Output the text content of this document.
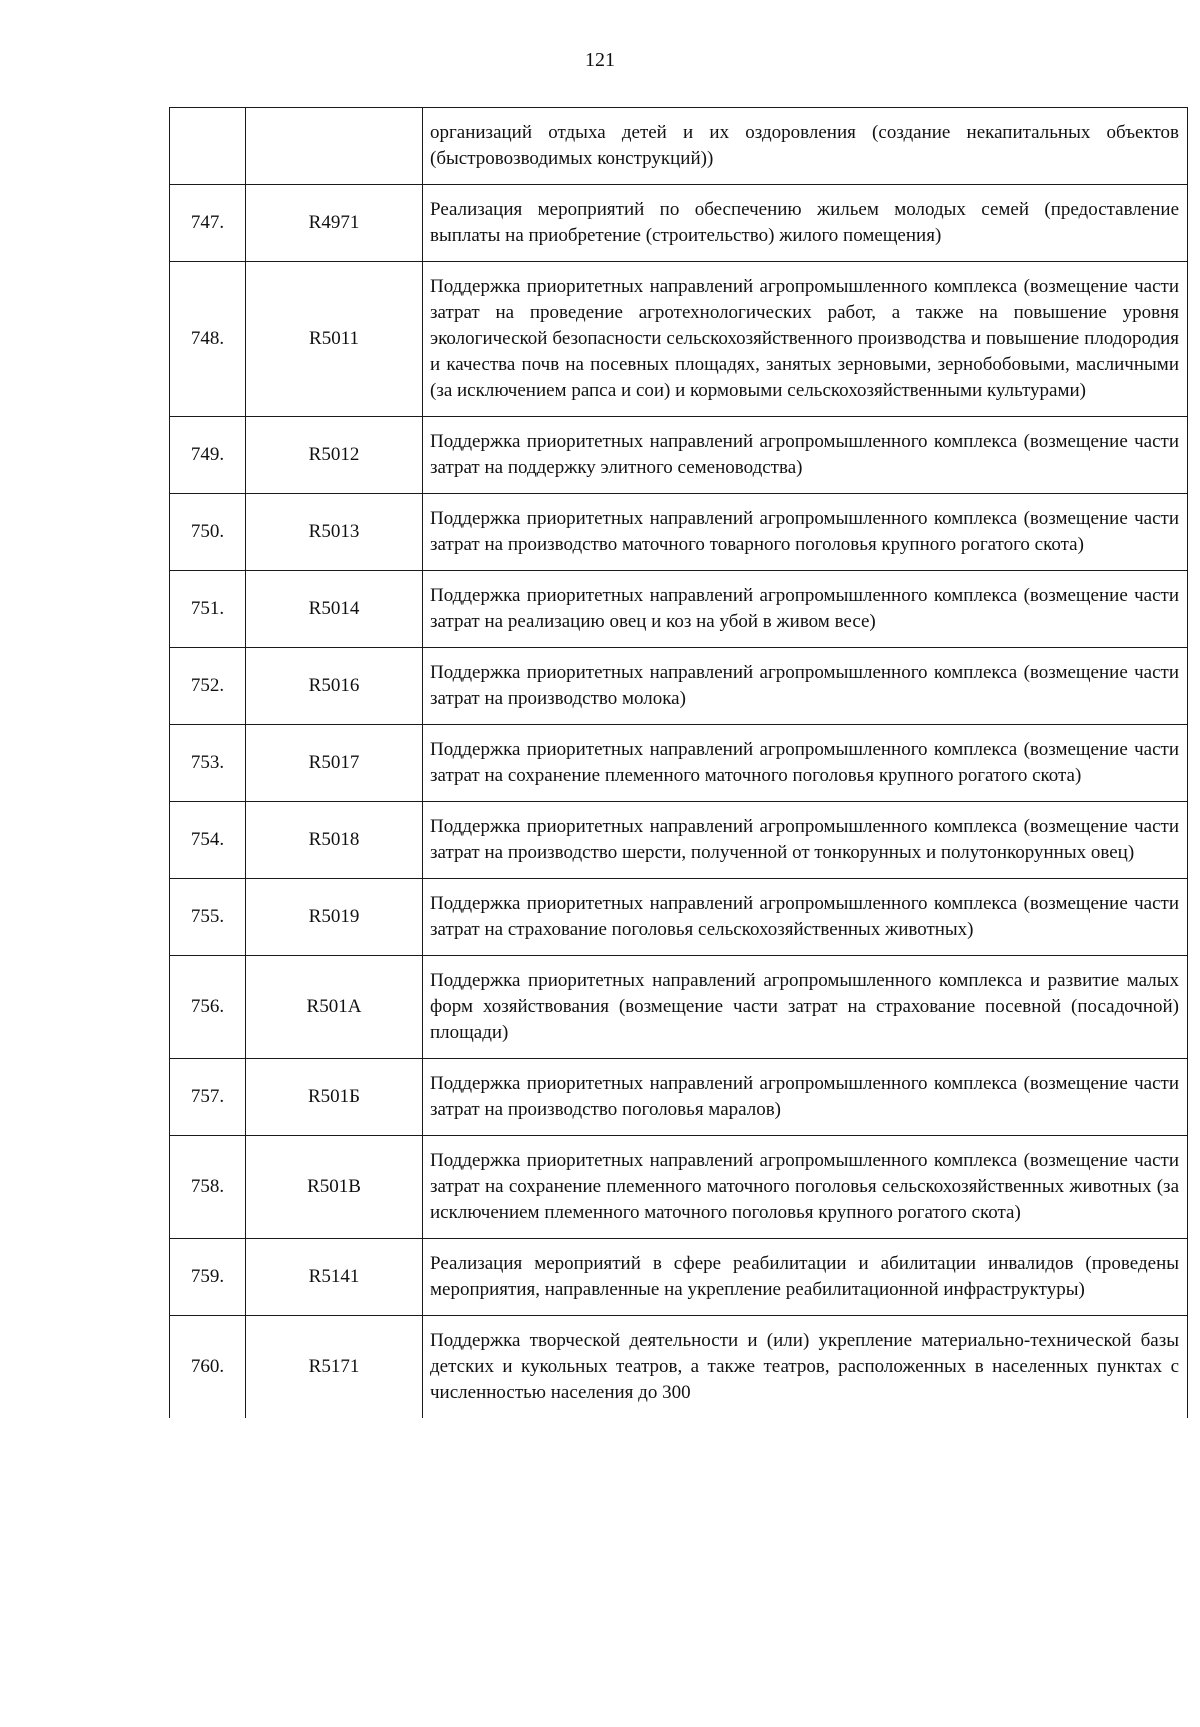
121
		организаций отдыха детей и их оздоровления (создание некапитальных объектов (быстровозводимых конструкций))
747.	R4971	Реализация мероприятий по обеспечению жильем молодых семей (предоставление выплаты на приобретение (строительство) жилого помещения)
748.	R5011	Поддержка приоритетных направлений агропромышленного комплекса (возмещение части затрат на проведение агротехнологических работ, а также на повышение уровня экологической безопасности сельскохозяйственного производства и повышение плодородия и качества почв на посевных площадях, занятых зерновыми, зернобобовыми, масличными (за исключением рапса и сои) и кормовыми сельскохозяйственными культурами)
749.	R5012	Поддержка приоритетных направлений агропромышленного комплекса (возмещение части затрат на поддержку элитного семеноводства)
750.	R5013	Поддержка приоритетных направлений агропромышленного комплекса (возмещение части затрат на производство маточного товарного поголовья крупного рогатого скота)
751.	R5014	Поддержка приоритетных направлений агропромышленного комплекса (возмещение части затрат на реализацию овец и коз на убой в живом весе)
752.	R5016	Поддержка приоритетных направлений агропромышленного комплекса (возмещение части затрат на производство молока)
753.	R5017	Поддержка приоритетных направлений агропромышленного комплекса (возмещение части затрат на сохранение племенного маточного поголовья крупного рогатого скота)
754.	R5018	Поддержка приоритетных направлений агропромышленного комплекса (возмещение части затрат на производство шерсти, полученной от тонкорунных и полутонкорунных овец)
755.	R5019	Поддержка приоритетных направлений агропромышленного комплекса (возмещение части затрат на страхование поголовья сельскохозяйственных животных)
756.	R501А	Поддержка приоритетных направлений агропромышленного комплекса и развитие малых форм хозяйствования (возмещение части затрат на страхование посевной (посадочной) площади)
757.	R501Б	Поддержка приоритетных направлений агропромышленного комплекса (возмещение части затрат на производство поголовья маралов)
758.	R501В	Поддержка приоритетных направлений агропромышленного комплекса (возмещение части затрат на сохранение племенного маточного поголовья сельскохозяйственных животных (за исключением племенного маточного поголовья крупного рогатого скота)
759.	R5141	Реализация мероприятий в сфере реабилитации и абилитации инвалидов (проведены мероприятия, направленные на укрепление реабилитационной инфраструктуры)
760.	R5171	Поддержка творческой деятельности и (или) укрепление материально-технической базы детских и кукольных театров, а также театров, расположенных в населенных пунктах с численностью населения до 300
